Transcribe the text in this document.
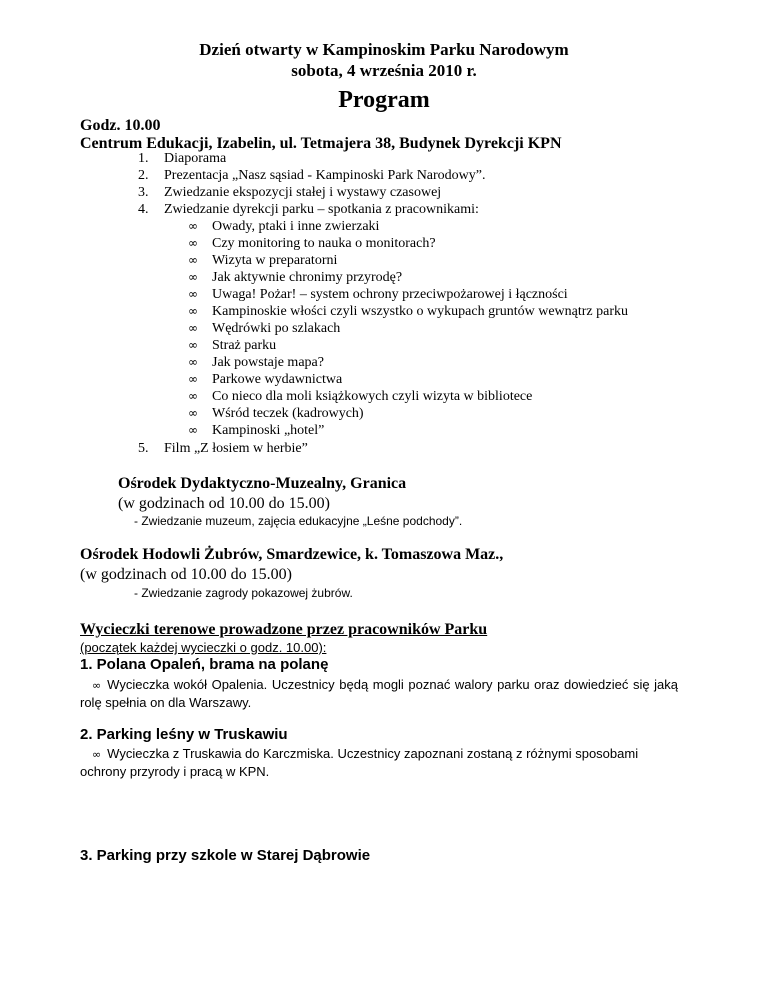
Dzień otwarty w Kampinoskim Parku Narodowym
sobota, 4 września 2010 r.
Program
Godz. 10.00
Centrum Edukacji, Izabelin, ul. Tetmajera 38, Budynek Dyrekcji KPN
1.	Diaporama
2.	Prezentacja „Nasz sąsiad - Kampinoski Park Narodowy”.
3.	Zwiedzanie ekspozycji stałej i wystawy czasowej
4.	Zwiedzanie dyrekcji parku – spotkania z pracownikami:
∞ Owady, ptaki i inne zwierzaki
∞ Czy monitoring to nauka o monitorach?
∞ Wizyta w preparatorni
∞ Jak aktywnie chronimy przyrodę?
∞ Uwaga! Pożar! – system ochrony przeciwpożarowej i łączności
∞ Kampinoskie włości czyli wszystko o wykupach gruntów wewnątrz parku
∞ Wędrówki po szlakach
∞ Straż parku
∞ Jak powstaje mapa?
∞ Parkowe wydawnictwa
∞ Co nieco dla moli książkowych czyli wizyta w bibliotece
∞ Wśród teczek (kadrowych)
∞ Kampinoski „hotel”
5.	Film „Z łosiem w herbie”
Ośrodek Dydaktyczno-Muzealny, Granica
(w godzinach od 10.00 do 15.00)
- Zwiedzanie muzeum, zajęcia edukacyjne „Leśne podchody”.
Ośrodek Hodowli Żubrów, Smardzewice, k. Tomaszowa Maz.,
(w godzinach od 10.00 do 15.00)
- Zwiedzanie zagrody pokazowej żubrów.
Wycieczki terenowe prowadzone przez pracowników Parku
(początek każdej wycieczki o godz. 10.00):
1. Polana Opaleń, brama na polanę
∞ Wycieczka wokół Opalenia. Uczestnicy będą mogli poznać walory parku oraz dowiedzieć się jaką rolę spełnia on dla Warszawy.
2. Parking leśny w Truskawiu
∞ Wycieczka z Truskawia do Karczmiska. Uczestnicy zapoznani zostaną z różnymi sposobami ochrony przyrody i pracą w KPN.
3. Parking przy szkole w Starej Dąbrowie
